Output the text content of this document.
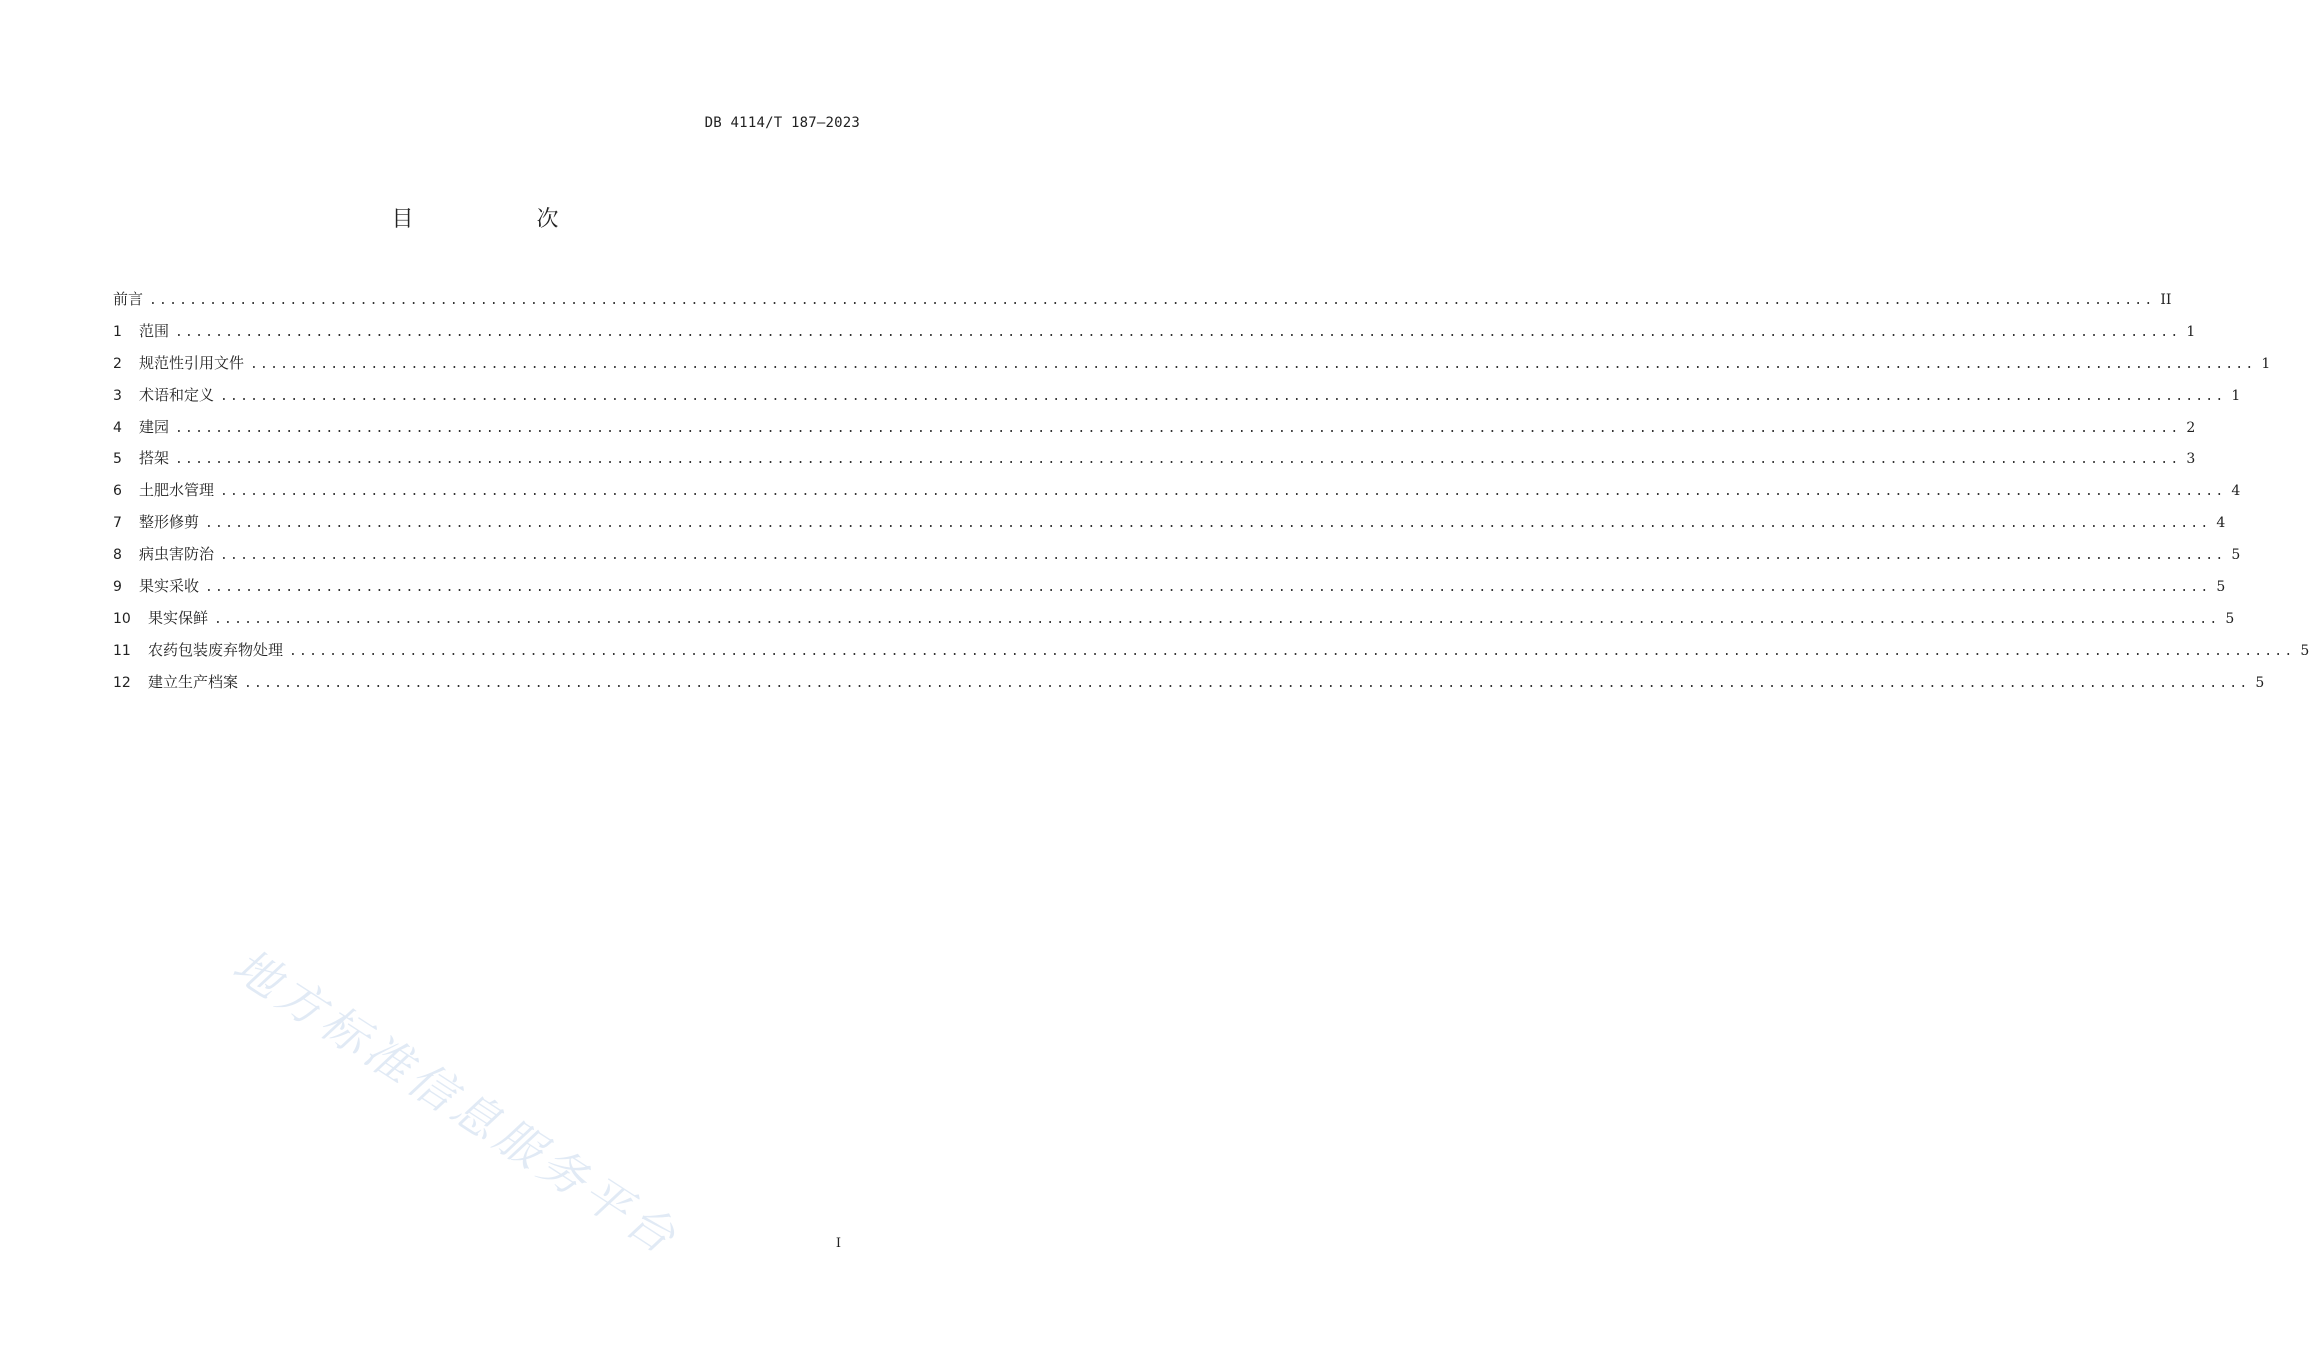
DB 4114/T 187—2023
目 次
前言 ........................................................................................................................................................................................................ II
1	范围 ........................................................................................................................................................................................................ 1
2	规范性引用文件 ........................................................................................................................................................................................................ 1
3	术语和定义 ........................................................................................................................................................................................................ 1
4	建园 ........................................................................................................................................................................................................ 2
5	搭架 ........................................................................................................................................................................................................ 3
6	土肥水管理 ........................................................................................................................................................................................................ 4
7	整形修剪 ........................................................................................................................................................................................................ 4
8	病虫害防治 ........................................................................................................................................................................................................ 5
9	果实采收 ........................................................................................................................................................................................................ 5
10	果实保鲜 ........................................................................................................................................................................................................ 5
11	农药包装废弃物处理 ........................................................................................................................................................................................................ 5
12	建立生产档案 ........................................................................................................................................................................................................ 5
地方标准信息服务平台	I
